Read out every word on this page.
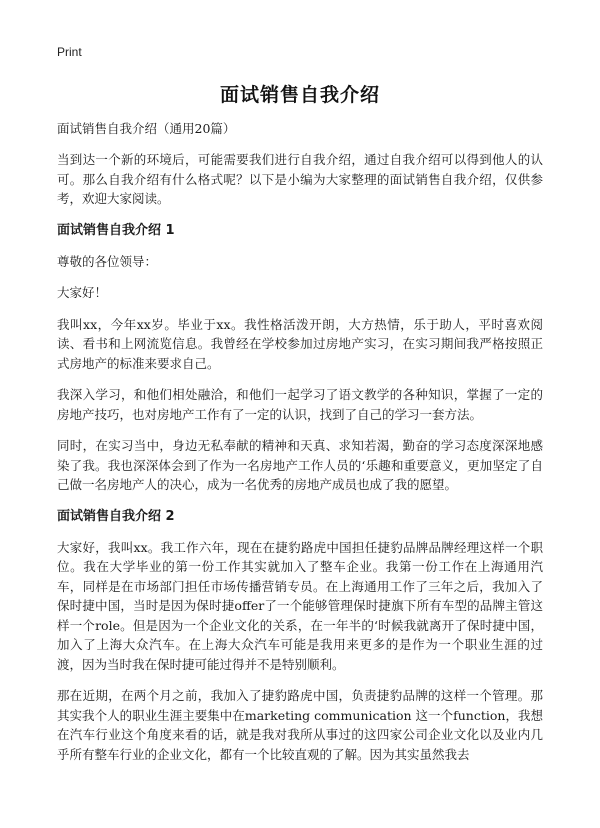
Print
面试销售自我介绍

面试销售自我介绍（通用20篇）

当到达一个新的环境后，可能需要我们进行自我介绍，通过自我介绍可以得到他人的认可。那么自我介绍有什么格式呢？以下是小编为大家整理的面试销售自我介绍，仅供参考，欢迎大家阅读。

面试销售自我介绍 1

尊敬的各位领导：

大家好！

我叫xx，今年xx岁。毕业于xx。我性格活泼开朗，大方热情，乐于助人，平时喜欢阅读、看书和上网流览信息。我曾经在学校参加过房地产实习，在实习期间我严格按照正式房地产的标准来要求自己。

我深入学习，和他们相处融洽，和他们一起学习了语文教学的各种知识，掌握了一定的房地产技巧，也对房地产工作有了一定的认识，找到了自己的学习一套方法。

同时，在实习当中，身边无私奉献的精神和天真、求知若渴，勤奋的学习态度深深地感染了我。我也深深体会到了作为一名房地产工作人员的‘乐趣和重要意义，更加坚定了自己做一名房地产人的决心，成为一名优秀的房地产成员也成了我的愿望。

面试销售自我介绍 2

大家好，我叫xx。我工作六年，现在在捷豹路虎中国担任捷豹品牌品牌经理这样一个职位。我在大学毕业的第一份工作其实就加入了整车企业。我第一份工作在上海通用汽车，同样是在市场部门担任市场传播营销专员。在上海通用工作了三年之后，我加入了保时捷中国，当时是因为保时捷offer了一个能够管理保时捷旗下所有车型的品牌主管这样一个role。但是因为一个企业文化的关系，在一年半的‘时候我就离开了保时捷中国，加入了上海大众汽车。在上海大众汽车可能是我用来更多的是作为一个职业生涯的过渡，因为当时我在保时捷可能过得并不是特别顺利。

那在近期，在两个月之前，我加入了捷豹路虎中国，负责捷豹品牌的这样一个管理。那其实我个人的职业生涯主要集中在marketing communication 这一个function，我想在汽车行业这个角度来看的话，就是我对我所从事过的这四家公司企业文化以及业内几乎所有整车行业的企业文化，都有一个比较直观的了解。因为其实虽然我去
